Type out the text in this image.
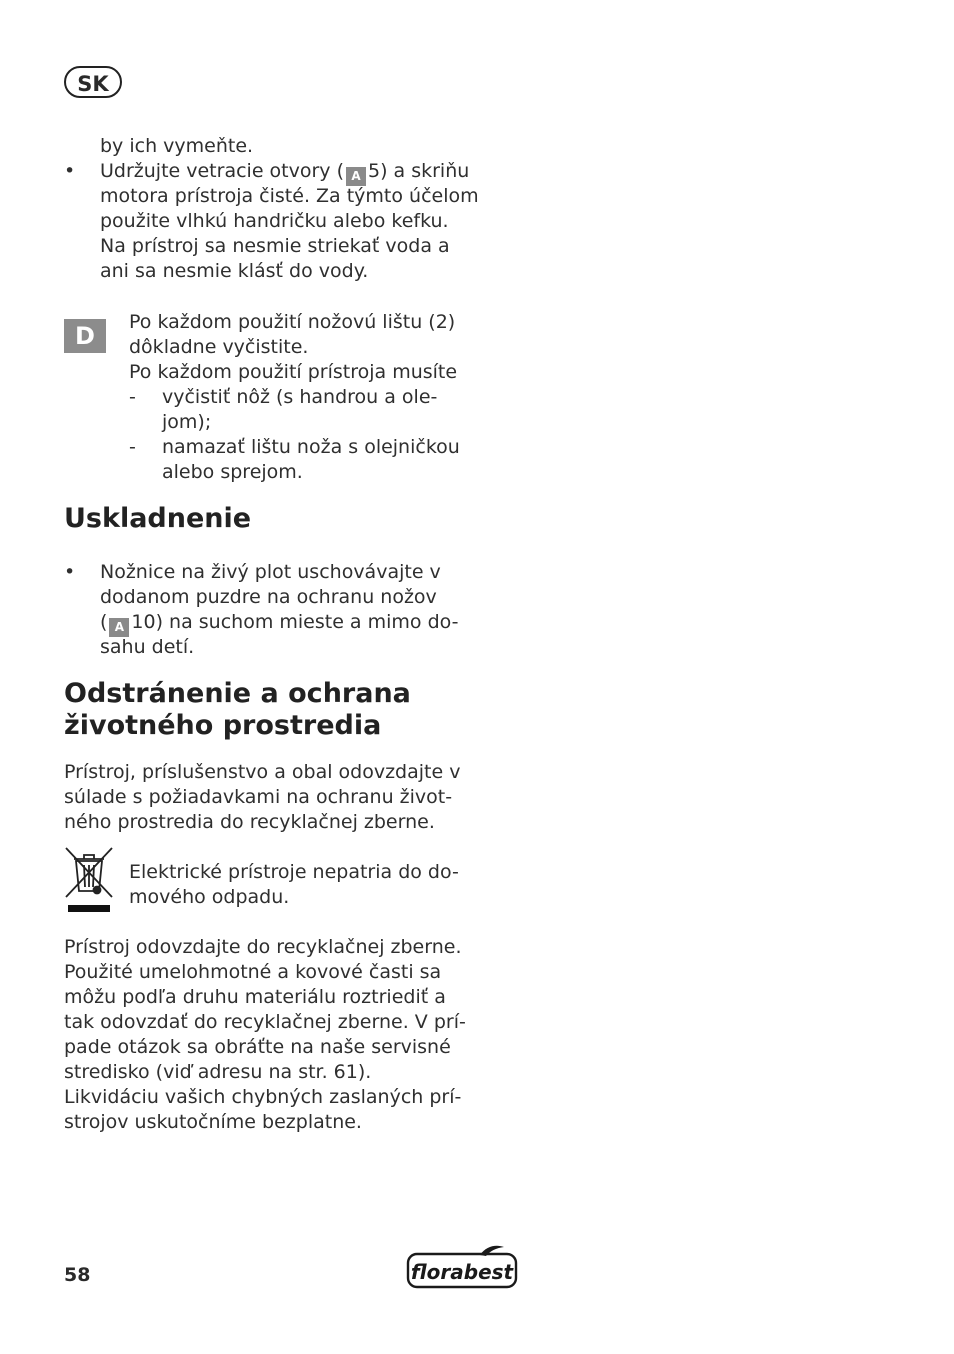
SK
by ich vymeňte.
• Udržujte vetracie otvory ( A 5) a skriňu
motora prístroja čisté. Za týmto účelom
použite vlhkú handričku alebo kefku.
Na prístroj sa nesmie striekať voda a
ani sa nesmie klásť do vody.
D	Po každom použití nožovú lištu (2)
dôkladne vyčistite.
Po každom použití prístroja musíte
- vyčistiť nôž (s handrou a ole-
jom);
- namazať lištu noža s olejničkou
alebo sprejom.
Uskladnenie
• Nožnice na živý plot uschovávajte v
dodanom puzdre na ochranu nožov
( A 10) na suchom mieste a mimo do-
sahu detí.
Odstránenie a ochrana
životného prostredia
Prístroj, príslušenstvo a obal odovzdajte v
súlade s požiadavkami na ochranu život-
ného prostredia do recyklačnej zberne.
Elektrické prístroje nepatria do do-
mového odpadu.
Prístroj odovzdajte do recyklačnej zberne.
Použité umelohmotné a kovové časti sa
môžu podľa druhu materiálu roztriediť a
tak odovzdať do recyklačnej zberne. V prí-
pade otázok sa obráťte na naše servisné
stredisko (viď adresu na str. 61).
Likvidáciu vašich chybných zaslaných prí-
strojov uskutočníme bezplatne.
58	florabest
